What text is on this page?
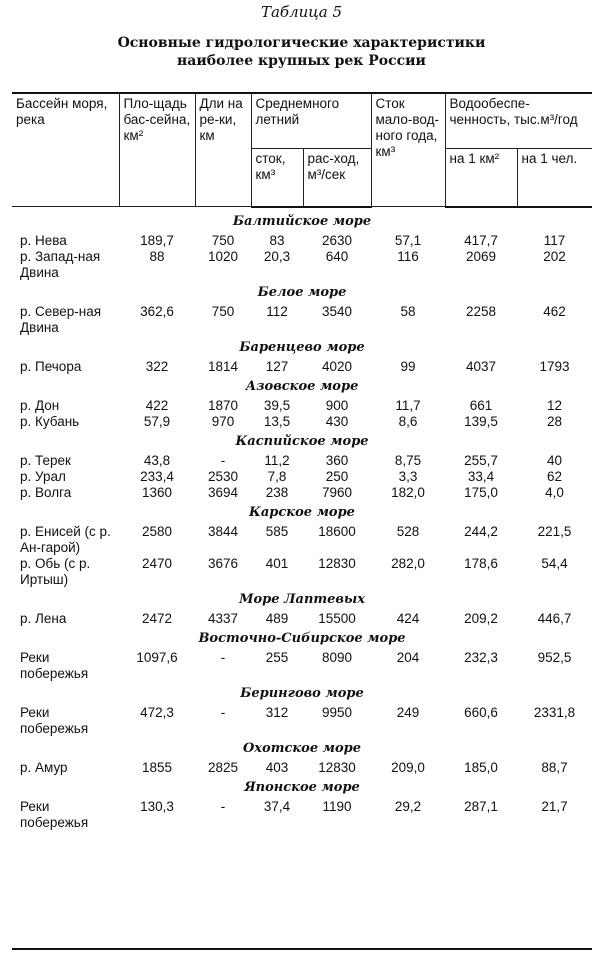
Таблица 5
Основные гидрологические характеристики
наиболее крупных рек России
Бассейн моря, река	Пло-щадь бас-сейна, км²	Дли на ре-ки, км	Среднемного летний		Сток мало-вод-ного года, км³	Водообеспе-ченность, тыс.м³/год	
			сток, км³	рас-ход, м³/сек		на 1 км²	на 1 чел.
Балтийское море							
р. Нева	189,7	750	83	2630	57,1	417,7	117
р. Запад-ная Двина	88	1020	20,3	640	116	2069	202
Белое море							
р. Север-ная Двина	362,6	750	112	3540	58	2258	462
Баренцево море							
р. Печора	322	1814	127	4020	99	4037	1793
Азовское море							
р. Дон	422	1870	39,5	900	11,7	661	12
р. Кубань	57,9	970	13,5	430	8,6	139,5	28
Каспийское море							
р. Терек	43,8	-	11,2	360	8,75	255,7	40
р. Урал	233,4	2530	7,8	250	3,3	33,4	62
р. Волга	1360	3694	238	7960	182,0	175,0	4,0
Карское море							
р. Енисей (с р. Ан-гарой)	2580	3844	585	18600	528	244,2	221,5
р. Обь (с р. Иртыш)	2470	3676	401	12830	282,0	178,6	54,4
Море Лаптевых							
р. Лена	2472	4337	489	15500	424	209,2	446,7
Восточно-Сибирское море							
Реки побережья	1097,6	-	255	8090	204	232,3	952,5
Берингово море							
Реки побережья	472,3	-	312	9950	249	660,6	2331,8
Охотское море							
р. Амур	1855	2825	403	12830	209,0	185,0	88,7
Японское море							
Реки побережья	130,3	-	37,4	1190	29,2	287,1	21,7
